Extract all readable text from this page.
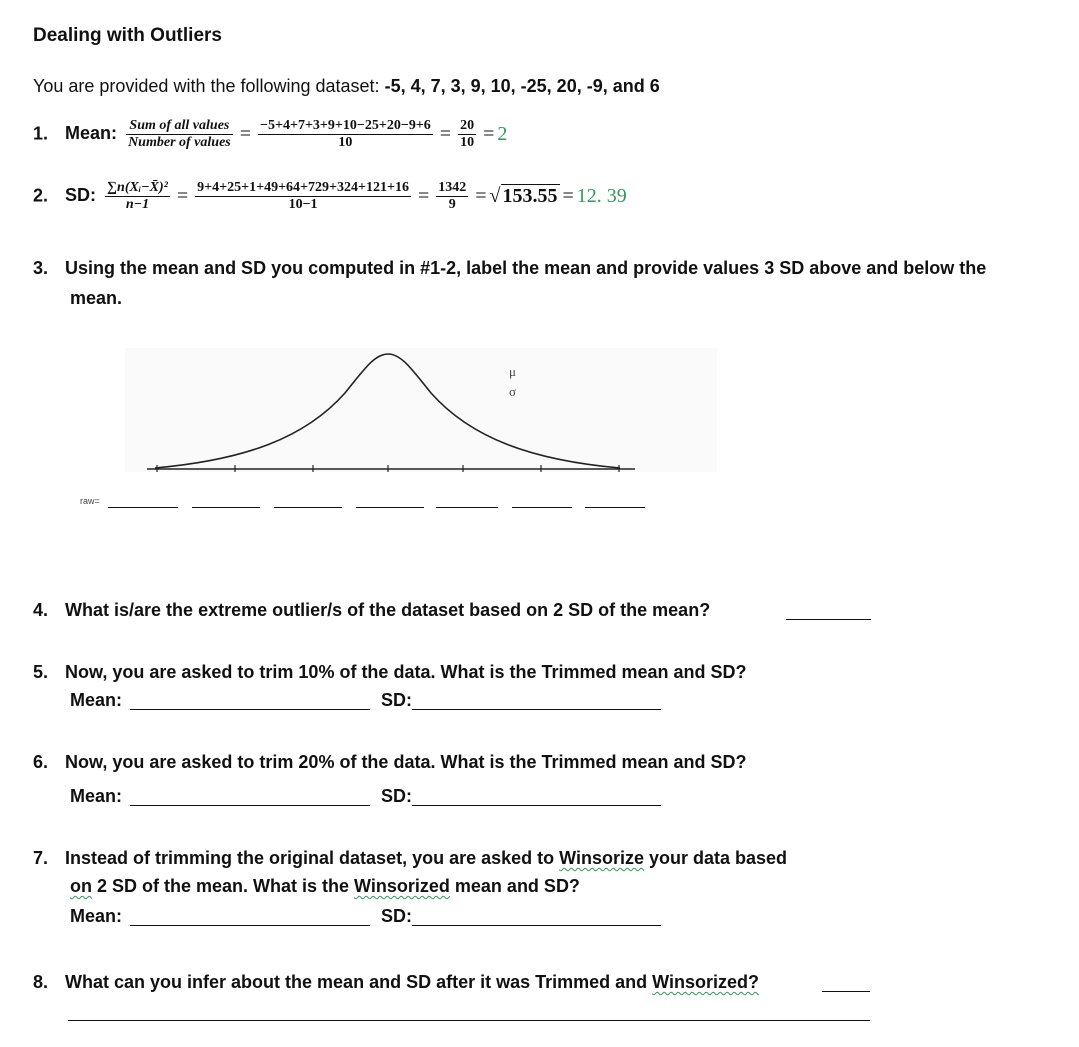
Dealing with Outliers
You are provided with the following dataset: -5, 4, 7, 3, 9, 10, -25, 20, -9, and 6
1. Mean: $\frac{\text{Sum of all values}}{\text{Number of values}} = \frac{-5+4+7+3+9+10-25+20-9+6}{10} = \frac{20}{10} = 2$
2. SD: $\frac{\text{∑n(Xᵢ−X̄)²}}{n-1} = \frac{9+4+25+1+49+64+729+324+121+16}{10-1} = \frac{1342}{9}$ = √ 153.55 = 12. 39
3. Using the mean and SD you computed in #1-2, label the mean and provide values 3 SD above and below the
mean.
μ
σ
raw=
4. What is/are the extreme outlier/s of the dataset based on 2 SD of the mean?
5. Now, you are asked to trim 10% of the data. What is the Trimmed mean and SD?
Mean:	SD:
6. Now, you are asked to trim 20% of the data. What is the Trimmed mean and SD?
Mean:	SD:
7. Instead of trimming the original dataset, you are asked to Winsorize your data based
on 2 SD of the mean. What is the Winsorized mean and SD?
Mean:	SD:
8. What can you infer about the mean and SD after it was Trimmed and Winsorized?
